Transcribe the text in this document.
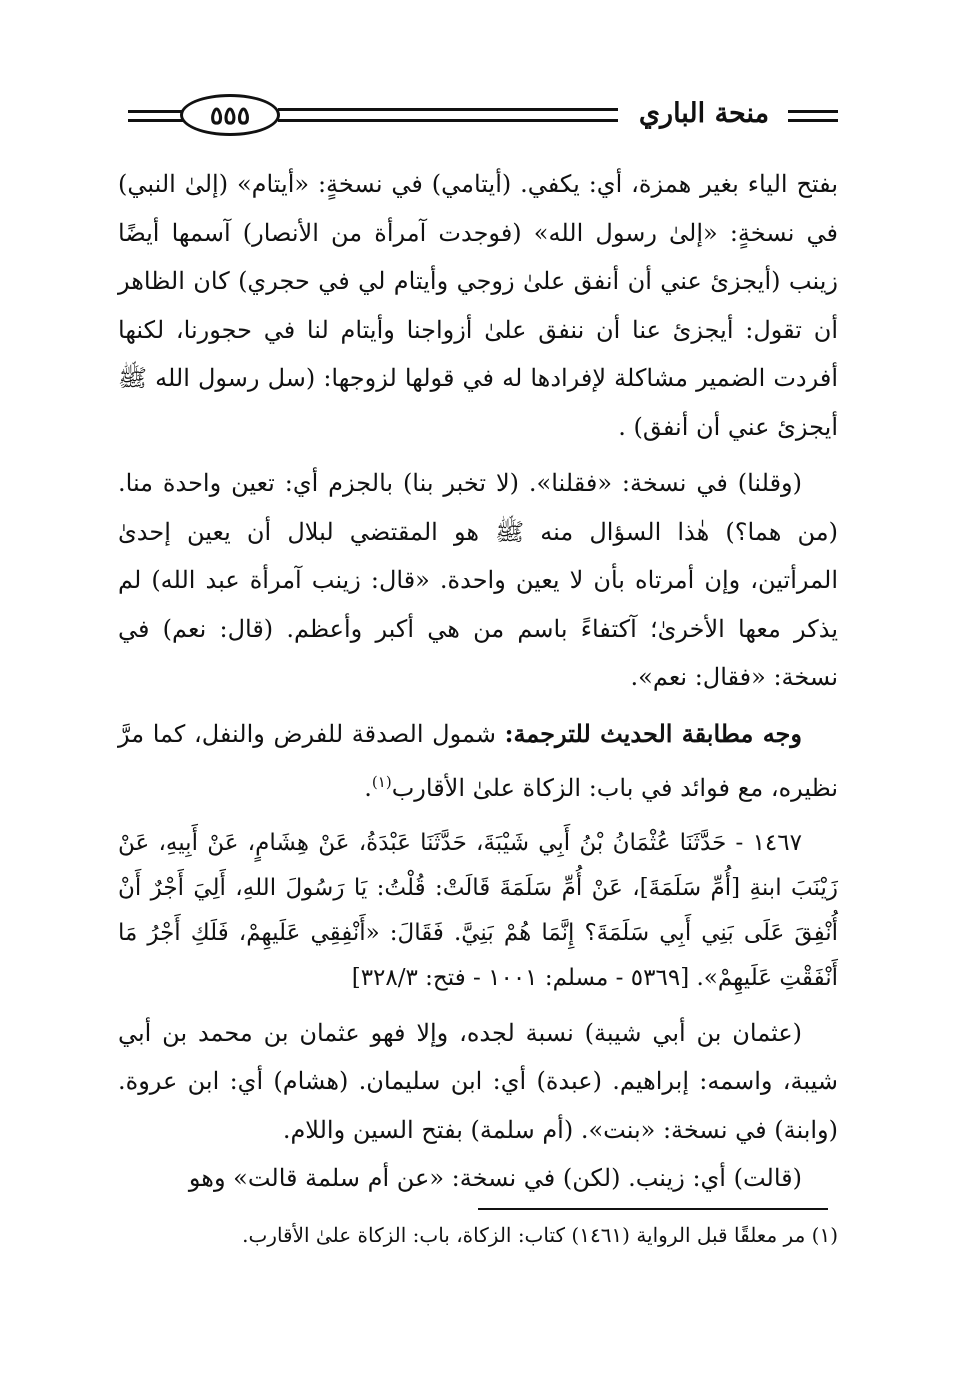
٥٥٥	منحة الباري

بفتح الياء بغير همزة، أي: يكفي. (أيتامي) في نسخةٍ: «أيتام» (إلىٰ النبي) في نسخةٍ: «إلىٰ رسول الله» (فوجدت آمرأة من الأنصار) آسمها أيضًا زينب (أيجزئ عني أن أنفق علىٰ زوجي وأيتام لي في حجري) كان الظاهر أن تقول: أيجزئ عنا أن ننفق علىٰ أزواجنا وأيتام لنا في حجورنا، لكنها أفردت الضمير مشاكلة لإفرادها له في قولها لزوجها: (سل رسول الله ﷺ أيجزئ عني أن أنفق) .

(وقلنا) في نسخة: «فقلنا». (لا تخبر بنا) بالجزم أي: تعين واحدة منا. (من هما؟) هٰذا السؤال منه ﷺ هو المقتضي لبلال أن يعين إحدىٰ المرأتين، وإن أمرتاه بأن لا يعين واحدة. «قال: زينب آمرأة عبد الله) لم يذكر معها الأخرىٰ؛ آكتفاءً باسم من هي أكبر وأعظم. (قال: نعم) في نسخة: «فقال: نعم».

وجه مطابقة الحديث للترجمة: شمول الصدقة للفرض والنفل، كما مرَّ نظيره، مع فوائد في باب: الزكاة علىٰ الأقارب$^{(١)}$.

١٤٦٧ - حَدَّثَنَا عُثْمَانُ بْنُ أَبِي شَيْبَةَ، حَدَّثَنَا عَبْدَةُ، عَنْ هِشَامٍ، عَنْ أَبِيهِ، عَنْ زَيْنَبَ ابنةِ [أُمِّ سَلَمَةَ]، عَنْ أُمِّ سَلَمَةَ قَالَتْ: قُلْتُ: يَا رَسُولَ اللهِ، أَلِيَ أَجْرٌ أَنْ أُنْفِقَ عَلَى بَنِي أَبِي سَلَمَةَ؟ إِنَّمَا هُمْ بَنِيَّ. فَقَالَ: «أَنْفِقِي عَلَيهِمْ، فَلَكِ أَجْرُ مَا أَنْفَقْتِ عَلَيهِمْ». [٥٣٦٩ - مسلم: ١٠٠١ - فتح: ٣٢٨/٣]

(عثمان بن أبي شيبة) نسبة لجده، وإلا فهو عثمان بن محمد بن أبي شيبة، واسمه: إبراهيم. (عبدة) أي: ابن سليمان. (هشام) أي: ابن عروة. (وابنة) في نسخة: «بنت». (أم سلمة) بفتح السين واللام.

(قالت) أي: زينب. (لكن) في نسخة: «عن أم سلمة قالت» وهو

(١) مر معلقًا قبل الرواية (١٤٦١) كتاب: الزكاة، باب: الزكاة علىٰ الأقارب.
